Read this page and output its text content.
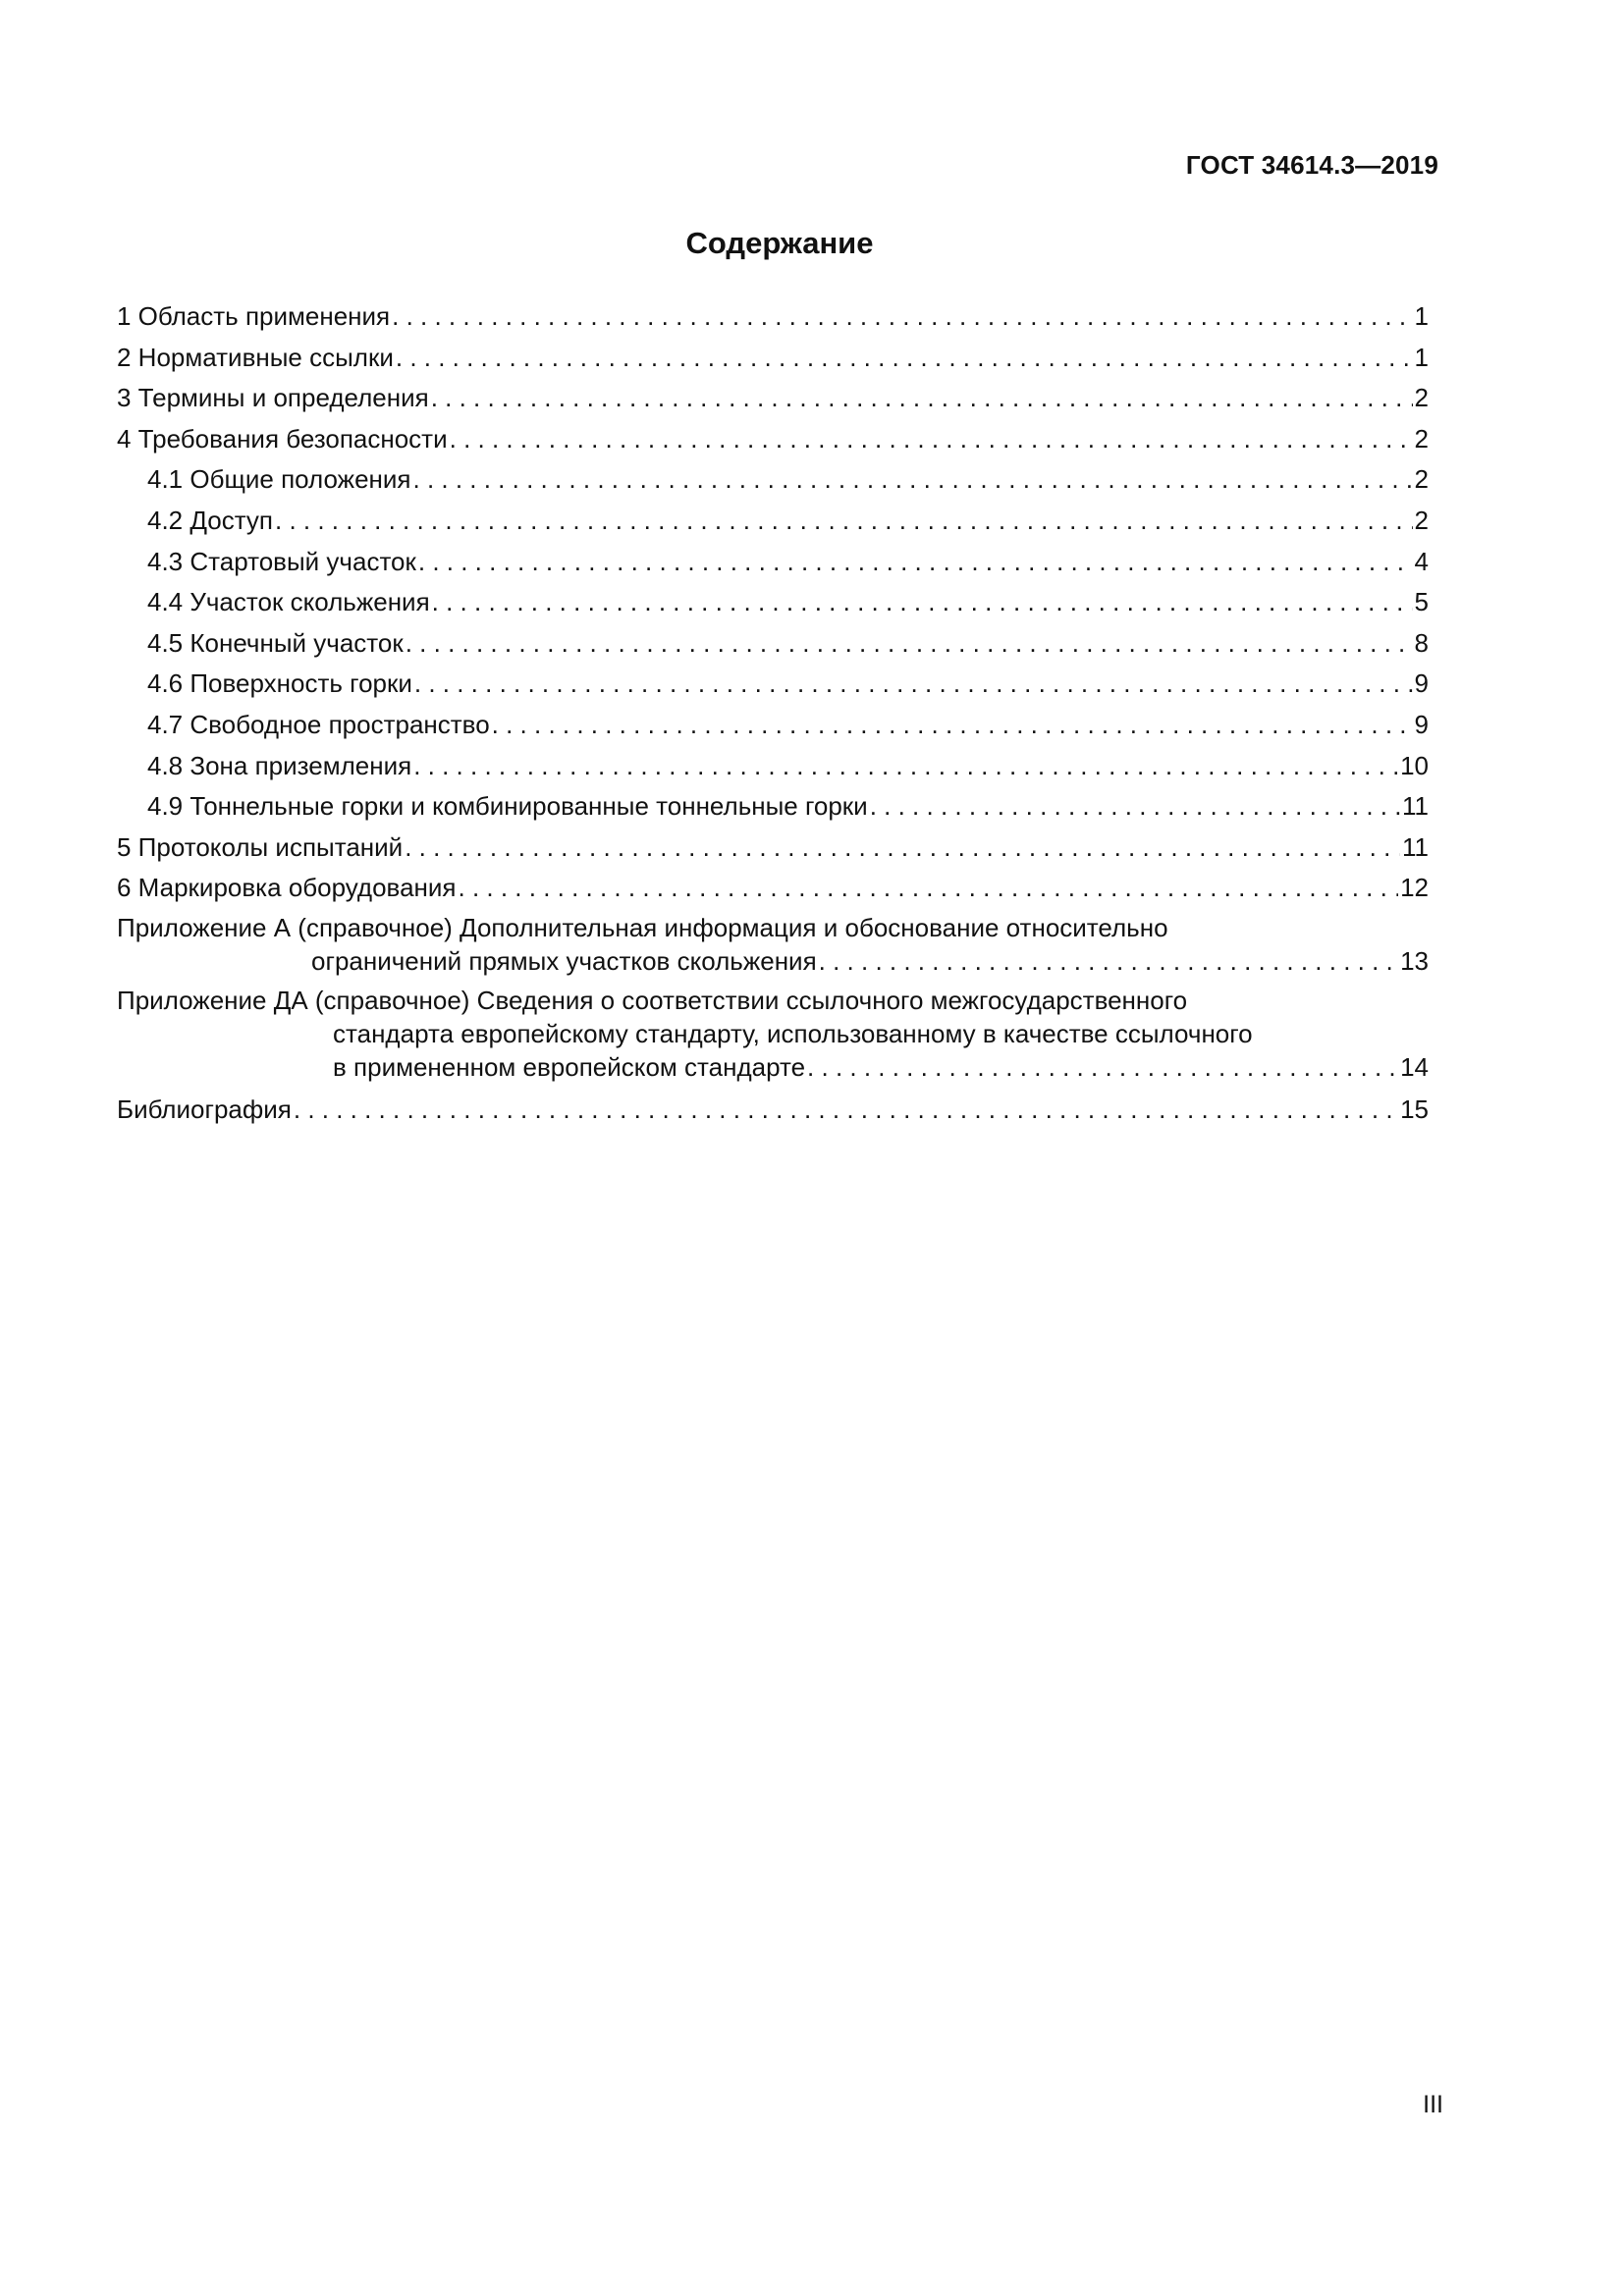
ГОСТ 34614.3—2019
Содержание
1 Область применения . . .	1
2 Нормативные ссылки . . .	1
3 Термины и определения . . .	2
4 Требования безопасности . . .	2
4.1 Общие положения . . .	2
4.2 Доступ . . .	2
4.3 Стартовый участок . . .	4
4.4 Участок скольжения . . .	5
4.5 Конечный участок . . .	8
4.6 Поверхность горки . . .	9
4.7 Свободное пространство . . .	9
4.8 Зона приземления . . .	10
4.9 Тоннельные горки и комбинированные тоннельные горки . . .	11
5 Протоколы испытаний . . .	11
6 Маркировка оборудования . . .	12
Приложение А (справочное) Дополнительная информация и обоснование относительно
ограничений прямых участков скольжения . . .	13
Приложение ДА (справочное) Сведения о соответствии ссылочного межгосударственного
стандарта европейскому стандарту, использованному в качестве ссылочного
в примененном европейском стандарте . . .	14
Библиография . . .	15
III
